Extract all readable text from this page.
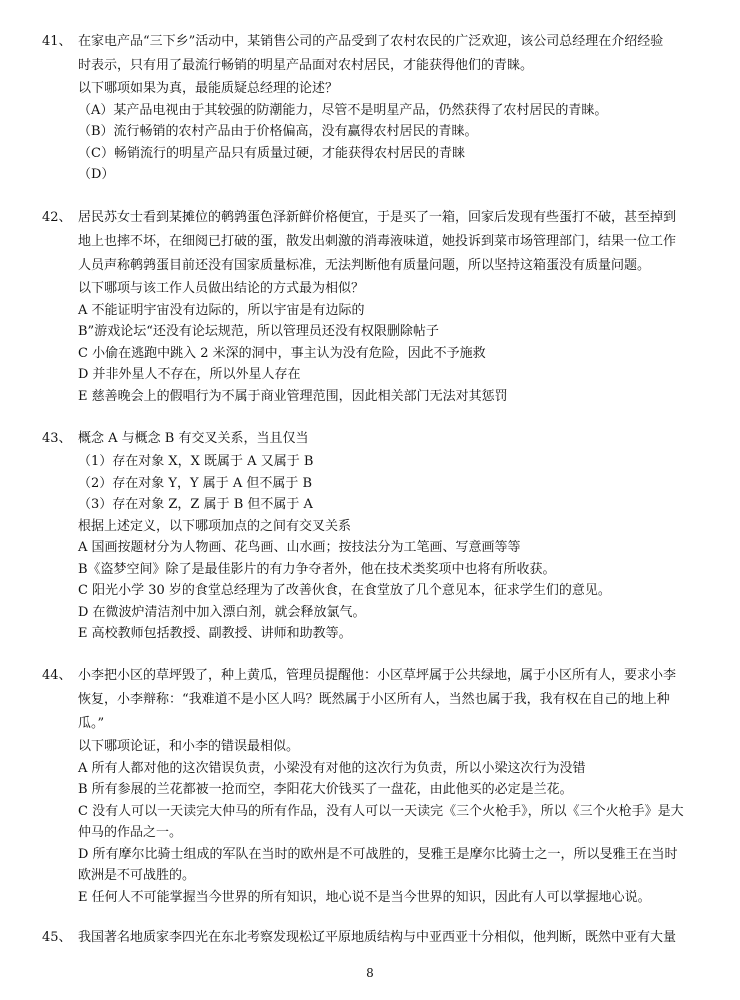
41、 在家电产品“三下乡”活动中，某销售公司的产品受到了农村农民的广泛欢迎，该公司总经理在介绍经验
时表示，只有用了最流行畅销的明星产品面对农村居民，才能获得他们的青睐。
以下哪项如果为真，最能质疑总经理的论述？
（A）某产品电视由于其较强的防潮能力，尽管不是明星产品，仍然获得了农村居民的青睐。
（B）流行畅销的农村产品由于价格偏高，没有赢得农村居民的青睐。
（C）畅销流行的明星产品只有质量过硬，才能获得农村居民的青睐
（D）
42、 居民苏女士看到某摊位的鹌鹑蛋色泽新鲜价格便宜，于是买了一箱，回家后发现有些蛋打不破，甚至掉到
地上也摔不坏，在细阅已打破的蛋，散发出刺激的消毒液味道，她投诉到菜市场管理部门，结果一位工作
人员声称鹌鹑蛋目前还没有国家质量标准，无法判断他有质量问题，所以坚持这箱蛋没有质量问题。
以下哪项与该工作人员做出结论的方式最为相似？
A 不能证明宇宙没有边际的，所以宇宙是有边际的
B”游戏论坛“还没有论坛规范，所以管理员还没有权限删除帖子
C 小偷在逃跑中跳入 2 米深的洞中，事主认为没有危险，因此不予施救
D 并非外星人不存在，所以外星人存在
E 慈善晚会上的假唱行为不属于商业管理范围，因此相关部门无法对其惩罚
43、 概念 A 与概念 B 有交叉关系，当且仅当
（1）存在对象 X，X 既属于 A 又属于 B
（2）存在对象 Y，Y 属于 A 但不属于 B
（3）存在对象 Z，Z 属于 B 但不属于 A
根据上述定义，以下哪项加点的之间有交叉关系
A 国画按题材分为人物画、花鸟画、山水画；按技法分为工笔画、写意画等等
B《盗梦空间》除了是最佳影片的有力争夺者外，他在技术类奖项中也将有所收获。
C 阳光小学 30 岁的食堂总经理为了改善伙食，在食堂放了几个意见本，征求学生们的意见。
D 在微波炉清洁剂中加入漂白剂，就会释放氯气。
E 高校教师包括教授、副教授、讲师和助教等。
44、 小李把小区的草坪毁了，种上黄瓜，管理员提醒他：小区草坪属于公共绿地，属于小区所有人，要求小李
恢复，小李辩称：“我难道不是小区人吗？既然属于小区所有人，当然也属于我，我有权在自己的地上种
瓜。”
以下哪项论证，和小李的错误最相似。
A 所有人都对他的这次错误负责，小梁没有对他的这次行为负责，所以小梁这次行为没错
B 所有参展的兰花都被一抢而空，李阳花大价钱买了一盘花，由此他买的必定是兰花。
C 没有人可以一天读完大仲马的所有作品，没有人可以一天读完《三个火枪手》，所以《三个火枪手》是大
仲马的作品之一。
D 所有摩尔比骑士组成的军队在当时的欧州是不可战胜的，旻雅王是摩尔比骑士之一，所以旻雅王在当时
欧洲是不可战胜的。
E 任何人不可能掌握当今世界的所有知识，地心说不是当今世界的知识，因此有人可以掌握地心说。
45、 我国著名地质家李四光在东北考察发现松辽平原地质结构与中亚西亚十分相似，他判断，既然中亚有大量
8
